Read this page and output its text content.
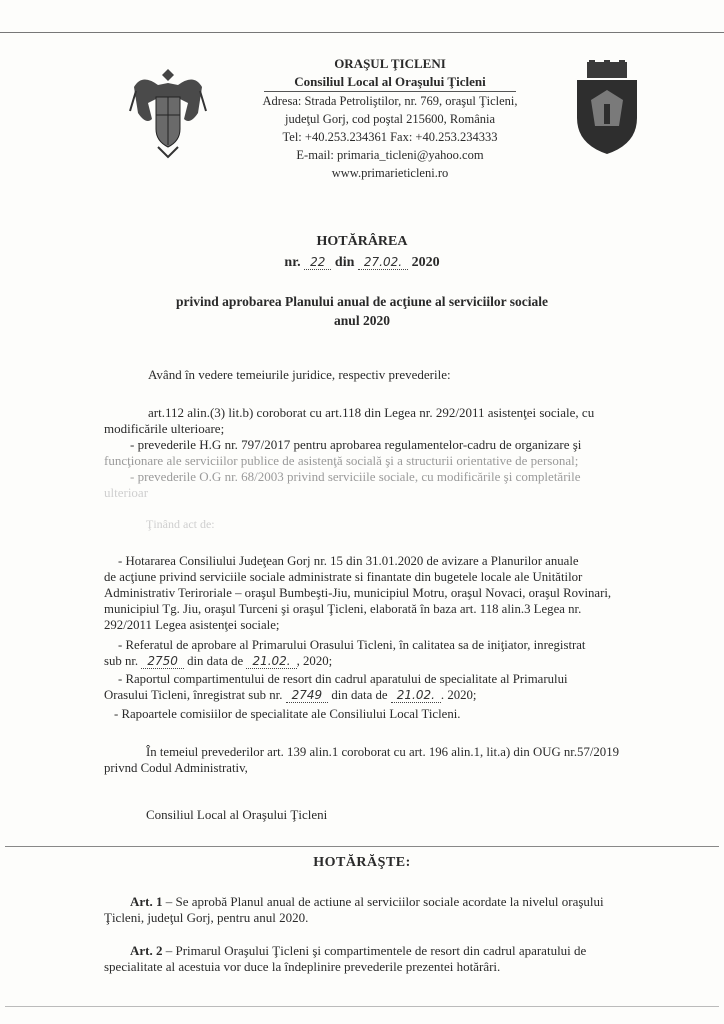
ORAŞUL ŢICLENI
Consiliul Local al Oraşului Ţicleni
Adresa: Strada Petroliştilor, nr. 769, oraşul Ţicleni,
judeţul Gorj, cod poştal 215600, România
Tel: +40.253.234361 Fax: +40.253.234333
E-mail: primaria_ticleni@yahoo.com
www.primarieticleni.ro
HOTĂRÂREA
nr. 22 din 27.02. 2020
privind aprobarea Planului anual de acţiune al serviciilor sociale
anul 2020
Având în vedere temeiurile juridice, respectiv prevederile:
art.112 alin.(3) lit.b) coroborat cu art.118 din Legea nr. 292/2011 asistenţei sociale, cu
modificările ulterioare;
- prevederile H.G nr. 797/2017 pentru aprobarea regulamentelor-cadru de organizare şi
funcţionare ale serviciilor publice de asistenţă socială şi a structurii orientative de personal;
- prevederile O.G nr. 68/2003 privind serviciile sociale, cu modificările şi completările
ulterioar
Ţinând act de:
- Hotararea Consiliului Judeţean Gorj nr. 15 din 31.01.2020 de avizare a Planurilor anuale
de acţiune privind serviciile sociale administrate si finantate din bugetele locale ale Unitătilor
Administrativ Teriroriale – oraşul Bumbeşti-Jiu, municipiul Motru, oraşul Novaci, oraşul Rovinari,
municipiul Tg. Jiu, oraşul Turceni şi oraşul Ţicleni, elaborată în baza art. 118 alin.3 Legea nr.
292/2011 Legea asistenţei sociale;
- Referatul de aprobare al Primarului Orasului Ticleni, în calitatea sa de iniţiator, inregistrat
sub nr. 2750 din data de 21.02. , 2020;
- Raportul compartimentului de resort din cadrul aparatului de specialitate al Primarului
Orasului Ticleni, înregistrat sub nr. 2749 din data de 21.02. . 2020;
- Rapoartele comisiilor de specialitate ale Consiliului Local Ticleni.
În temeiul prevederilor art. 139 alin.1 coroborat cu art. 196 alin.1, lit.a) din OUG nr.57/2019
privnd Codul Administrativ,
Consiliul Local al Oraşului Ţicleni
HOTĂRĂŞTE:
Art. 1 – Se aprobă Planul anual de actiune al serviciilor sociale acordate la nivelul oraşului
Ţicleni, judeţul Gorj, pentru anul 2020.
Art. 2 – Primarul Oraşului Ţicleni şi compartimentele de resort din cadrul aparatului de
specialitate al acestuia vor duce la îndeplinire prevederile prezentei hotărâri.
